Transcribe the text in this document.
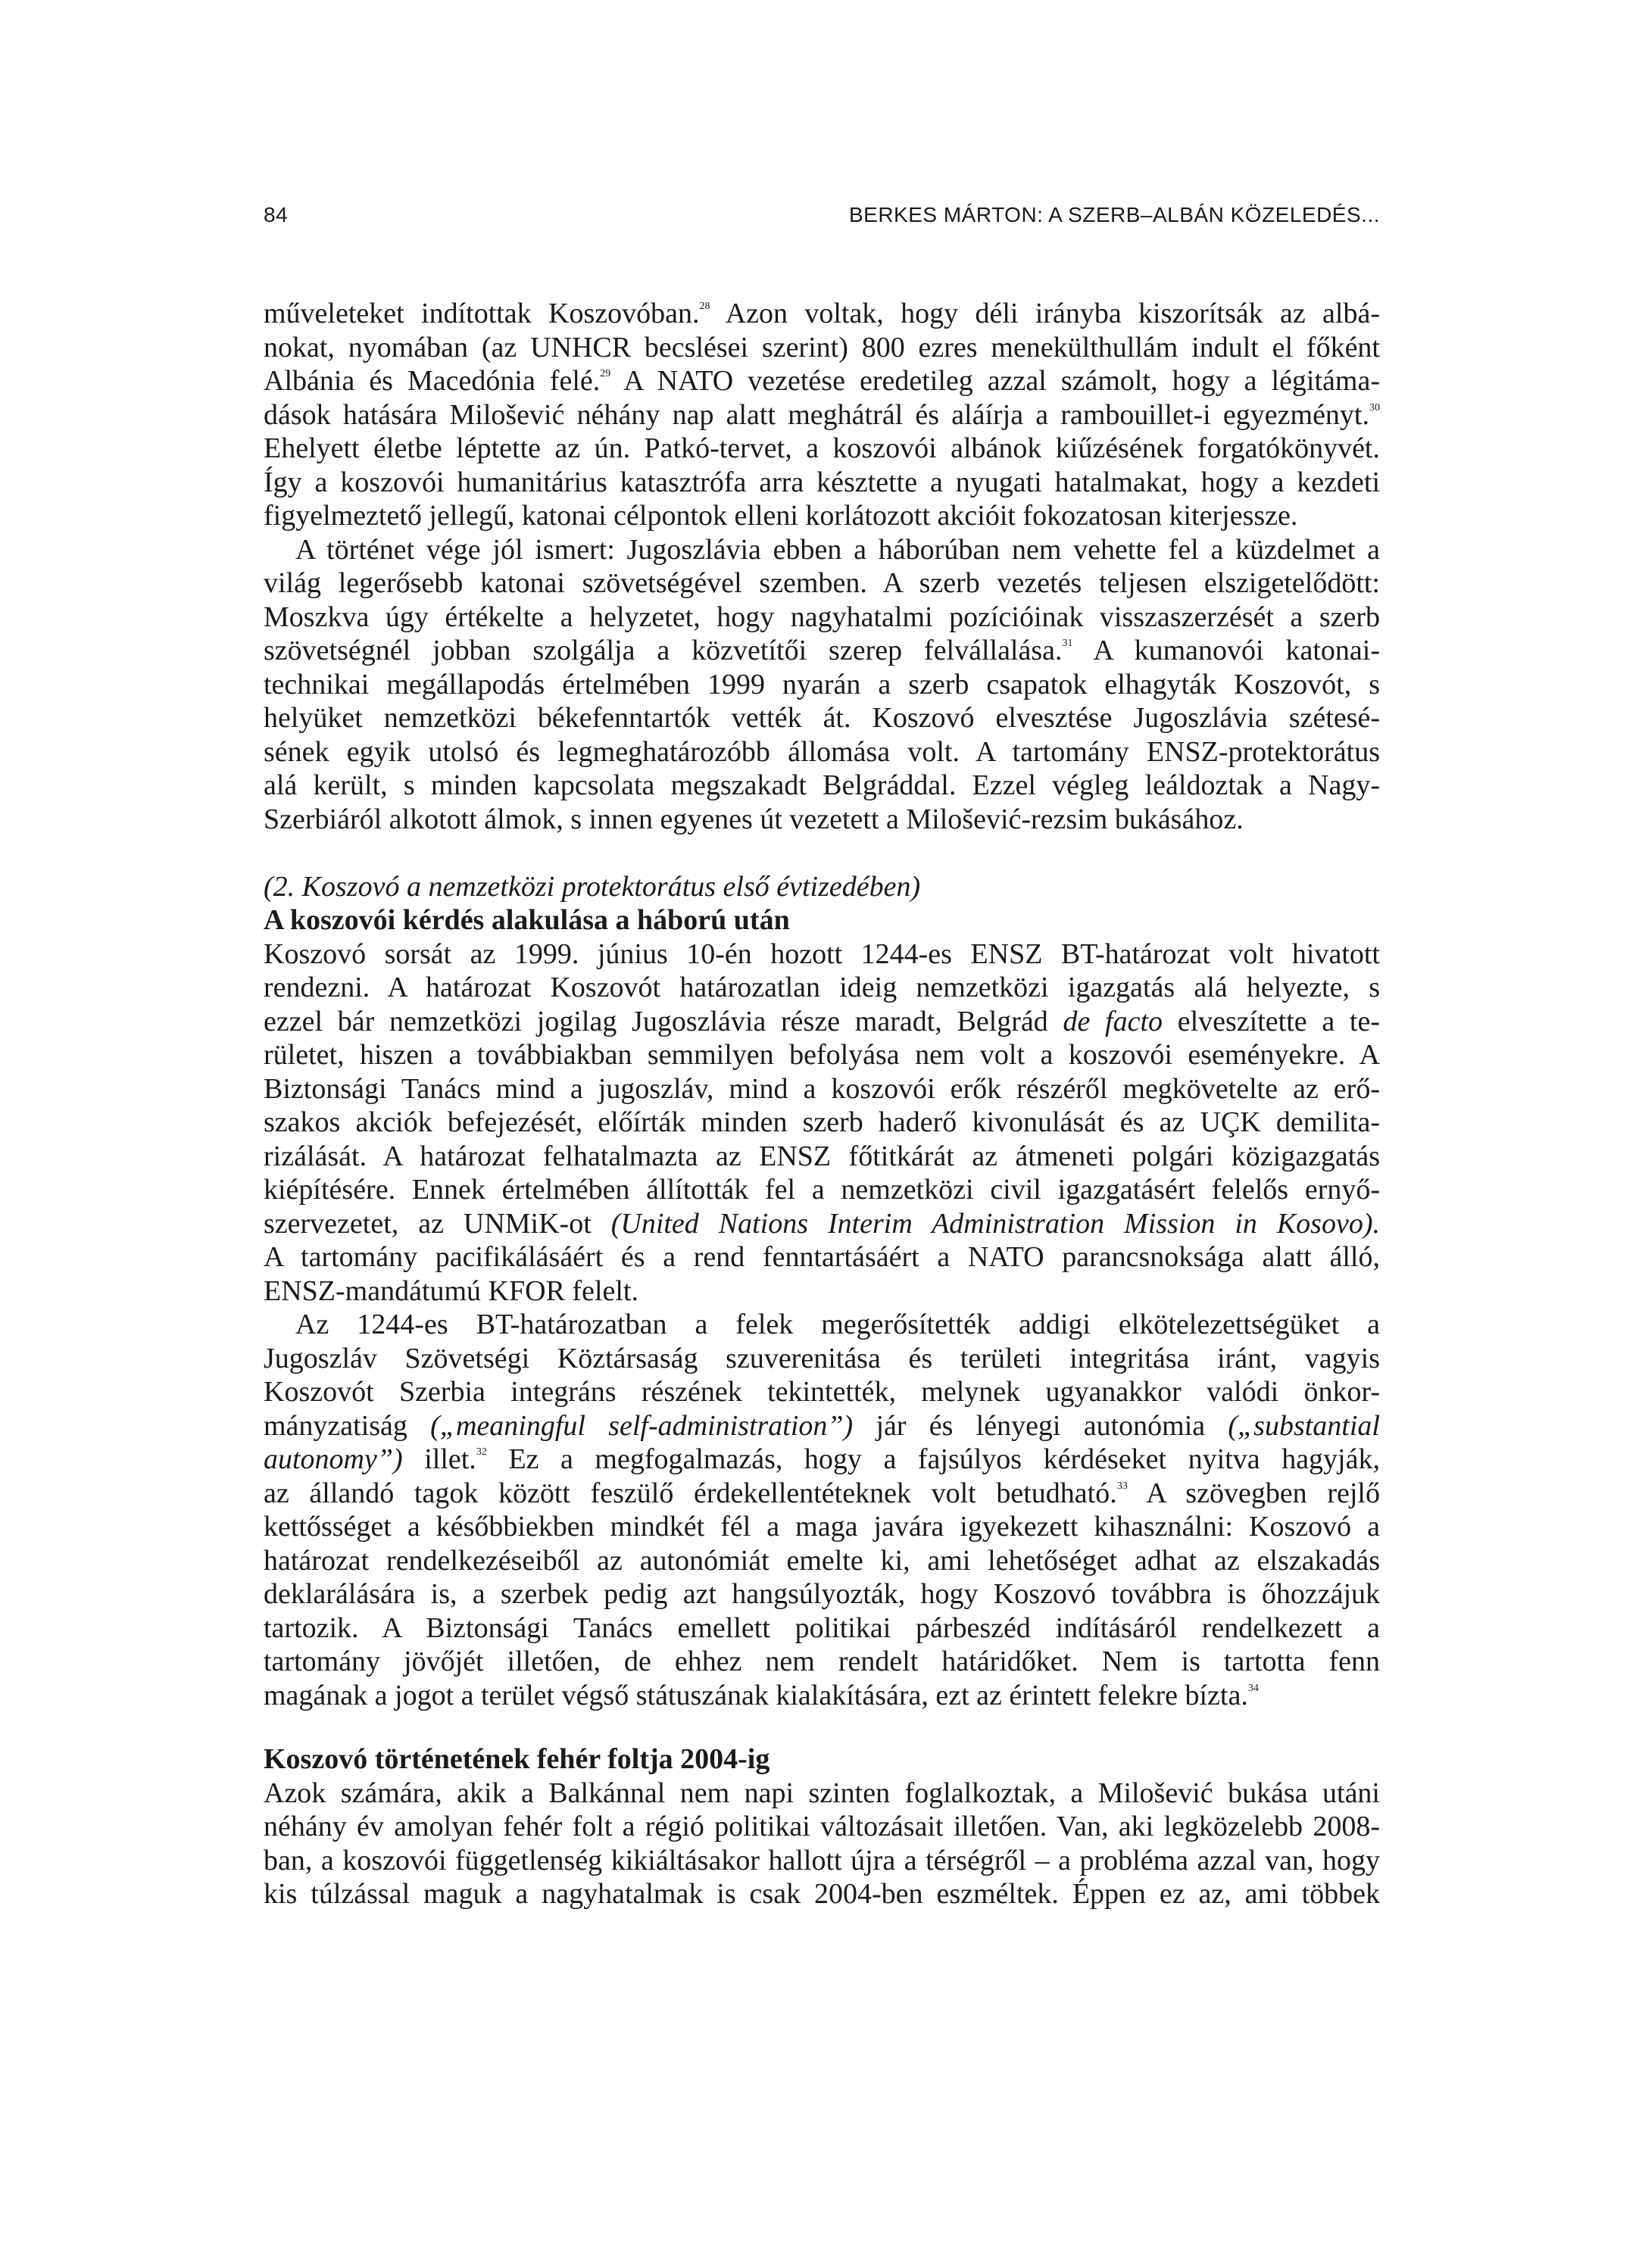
84	BERKES MÁRTON: A SZERB–ALBÁN KÖZELEDÉS...

műveleteket indítottak Koszovóban.$^{28}$ Azon voltak, hogy déli irányba kiszorítsák az albá-

nokat, nyomában (az UNHCR becslései szerint) 800 ezres menekülthullám indult el főként

Albánia és Macedónia felé.$^{29}$ A NATO vezetése eredetileg azzal számolt, hogy a légitáma-

dások hatására Milošević néhány nap alatt meghátrál és aláírja a rambouillet-i egyezményt.$^{30}$

Ehelyett életbe léptette az ún. Patkó-tervet, a koszovói albánok kiűzésének forgatókönyvét.

Így a koszovói humanitárius katasztrófa arra késztette a nyugati hatalmakat, hogy a kezdeti

figyelmeztető jellegű, katonai célpontok elleni korlátozott akcióit fokozatosan kiterjessze.

A történet vége jól ismert: Jugoszlávia ebben a háborúban nem vehette fel a küzdelmet a

világ legerősebb katonai szövetségével szemben. A szerb vezetés teljesen elszigetelődött:

Moszkva úgy értékelte a helyzetet, hogy nagyhatalmi pozícióinak visszaszerzését a szerb

szövetségnél jobban szolgálja a közvetítői szerep felvállalása.$^{31}$ A kumanovói katonai-

technikai megállapodás értelmében 1999 nyarán a szerb csapatok elhagyták Koszovót, s

helyüket nemzetközi békefenntartók vették át. Koszovó elvesztése Jugoszlávia szétesé-

sének egyik utolsó és legmeghatározóbb állomása volt. A tartomány ENSZ-protektorátus

alá került, s minden kapcsolata megszakadt Belgráddal. Ezzel végleg leáldoztak a Nagy-

Szerbiáról alkotott álmok, s innen egyenes út vezetett a Milošević-rezsim bukásához.

(2. Koszovó a nemzetközi protektorátus első évtizedében)

A koszovói kérdés alakulása a háború után

Koszovó sorsát az 1999. június 10-én hozott 1244-es ENSZ BT-határozat volt hivatott

rendezni. A határozat Koszovót határozatlan ideig nemzetközi igazgatás alá helyezte, s

ezzel bár nemzetközi jogilag Jugoszlávia része maradt, Belgrád de facto elveszítette a te-

rületet, hiszen a továbbiakban semmilyen befolyása nem volt a koszovói eseményekre. A

Biztonsági Tanács mind a jugoszláv, mind a koszovói erők részéről megkövetelte az erő-

szakos akciók befejezését, előírták minden szerb haderő kivonulását és az UÇK demilita-

rizálását. A határozat felhatalmazta az ENSZ főtitkárát az átmeneti polgári közigazgatás

kiépítésére. Ennek értelmében állították fel a nemzetközi civil igazgatásért felelős ernyő-

szervezetet, az UNMiK-ot (United Nations Interim Administration Mission in Kosovo).

A tartomány pacifikálásáért és a rend fenntartásáért a NATO parancsnoksága alatt álló,

ENSZ-mandátumú KFOR felelt.

Az 1244-es BT-határozatban a felek megerősítették addigi elkötelezettségüket a

Jugoszláv Szövetségi Köztársaság szuverenitása és területi integritása iránt, vagyis

Koszovót Szerbia integráns részének tekintették, melynek ugyanakkor valódi önkor-

mányzatiság („meaningful self-administration”) jár és lényegi autonómia („substantial

autonomy”) illet.$^{32}$ Ez a megfogalmazás, hogy a fajsúlyos kérdéseket nyitva hagyják,

az állandó tagok között feszülő érdekellentéteknek volt betudható.$^{33}$ A szövegben rejlő

kettősséget a későbbiekben mindkét fél a maga javára igyekezett kihasználni: Koszovó a

határozat rendelkezéseiből az autonómiát emelte ki, ami lehetőséget adhat az elszakadás

deklarálására is, a szerbek pedig azt hangsúlyozták, hogy Koszovó továbbra is őhozzájuk

tartozik. A Biztonsági Tanács emellett politikai párbeszéd indításáról rendelkezett a

tartomány jövőjét illetően, de ehhez nem rendelt határidőket. Nem is tartotta fenn

magának a jogot a terület végső státuszának kialakítására, ezt az érintett felekre bízta.$^{34}$

Koszovó történetének fehér foltja 2004-ig

Azok számára, akik a Balkánnal nem napi szinten foglalkoztak, a Milošević bukása utáni

néhány év amolyan fehér folt a régió politikai változásait illetően. Van, aki legközelebb 2008-

ban, a koszovói függetlenség kikiáltásakor hallott újra a térségről – a probléma azzal van, hogy

kis túlzással maguk a nagyhatalmak is csak 2004-ben eszméltek. Éppen ez az, ami többek
